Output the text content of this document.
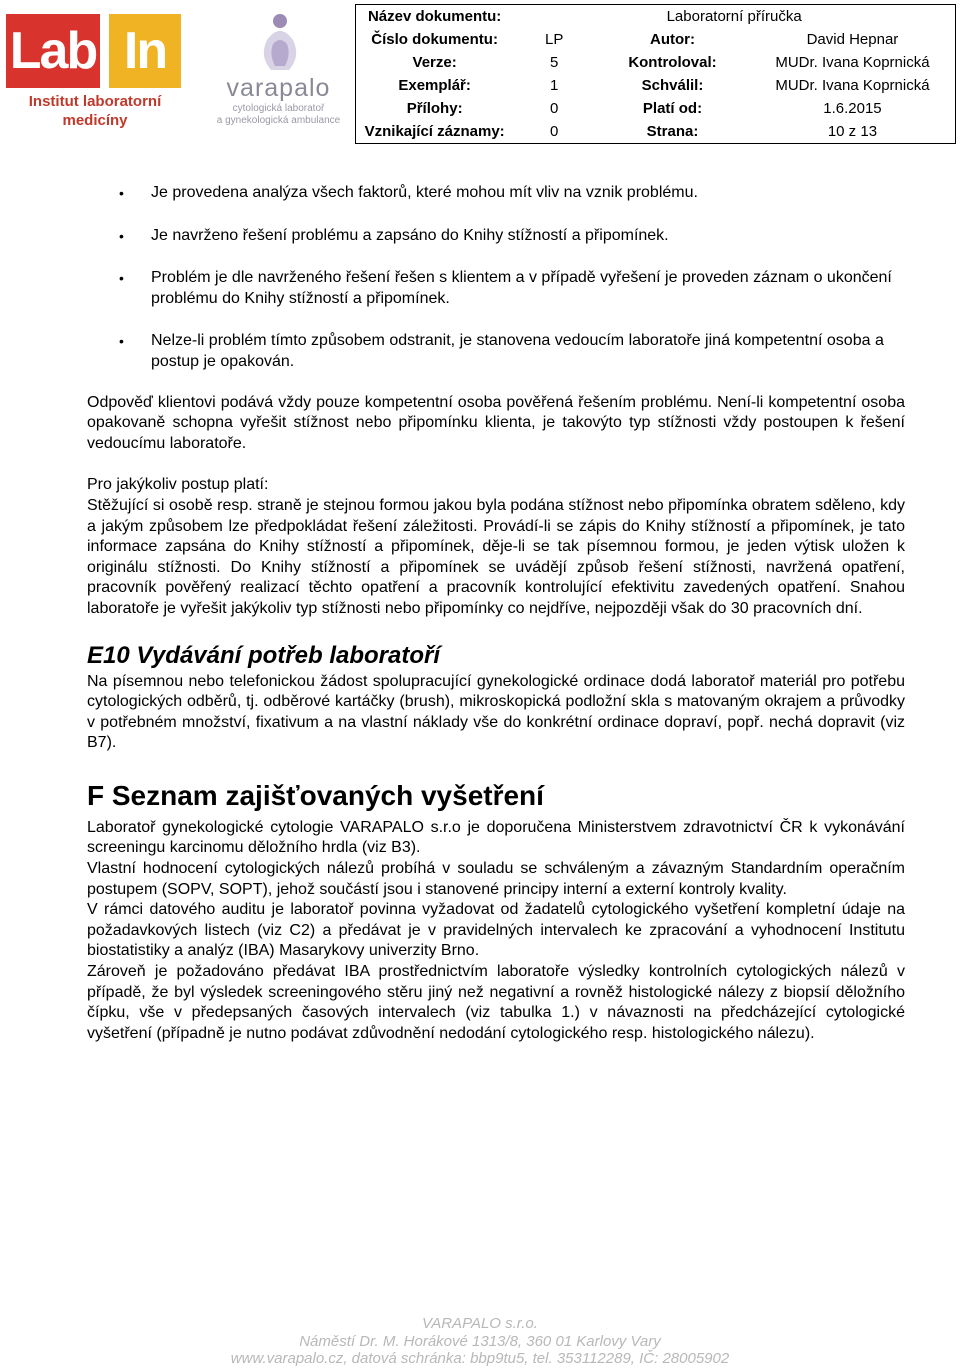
Lab In
Institut laboratorní
medicíny
varapalo
cytologická laboratoř
a gynekologická ambulance
Název dokumentu:	Laboratorní příručka		
Číslo dokumentu:	LP	Autor:	David Hepnar
Verze:	5	Kontroloval:	MUDr. Ivana Koprnická
Exemplář:	1	Schválil:	MUDr. Ivana Koprnická
Přílohy:	0	Platí od:	1.6.2015
Vznikající záznamy:	0	Strana:	10 z 13
• Je provedena analýza všech faktorů, které mohou mít vliv na vznik problému.
• Je navrženo řešení problému a zapsáno do Knihy stížností a připomínek.
• Problém je dle navrženého řešení řešen s klientem a v případě vyřešení je proveden záznam o ukončení problému do Knihy stížností a připomínek.
• Nelze-li problém tímto způsobem odstranit, je stanovena vedoucím laboratoře jiná kompetentní osoba a postup je opakován.

Odpověď klientovi podává vždy pouze kompetentní osoba pověřená řešením problému. Není-li kompetentní osoba opakovaně schopna vyřešit stížnost nebo připomínku klienta, je takovýto typ stížnosti vždy postoupen k řešení vedoucímu laboratoře.

Pro jakýkoliv postup platí:

Stěžující si osobě resp. straně je stejnou formou jakou byla podána stížnost nebo připomínka obratem sděleno, kdy a jakým způsobem lze předpokládat řešení záležitosti. Provádí-li se zápis do Knihy stížností a připomínek, je tato informace zapsána do Knihy stížností a připomínek, děje-li se tak písemnou formou, je jeden výtisk uložen k originálu stížnosti. Do Knihy stížností a připomínek se uvádějí způsob řešení stížnosti, navržená opatření, pracovník pověřený realizací těchto opatření a pracovník kontrolující efektivitu zavedených opatření. Snahou laboratoře je vyřešit jakýkoliv typ stížnosti nebo připomínky co nejdříve, nejpozději však do 30 pracovních dní.

E10 Vydávání potřeb laboratoří

Na písemnou nebo telefonickou žádost spolupracující gynekologické ordinace dodá laboratoř materiál pro potřebu cytologických odběrů, tj. odběrové kartáčky (brush), mikroskopická podložní skla s matovaným okrajem a průvodky v potřebném množství, fixativum a na vlastní náklady vše do konkrétní ordinace dopraví, popř. nechá dopravit (viz B7).

F Seznam zajišťovaných vyšetření

Laboratoř gynekologické cytologie VARAPALO s.r.o je doporučena Ministerstvem zdravotnictví ČR k vykonávání screeningu karcinomu děložního hrdla (viz B3).

Vlastní hodnocení cytologických nálezů probíhá v souladu se schváleným a závazným Standardním operačním postupem (SOPV, SOPT), jehož součástí jsou i stanovené principy interní a externí kontroly kvality.

V rámci datového auditu je laboratoř povinna vyžadovat od žadatelů cytologického vyšetření kompletní údaje na požadavkových listech (viz C2) a předávat je v pravidelných intervalech ke zpracování a vyhodnocení Institutu biostatistiky a analýz (IBA) Masarykovy univerzity Brno.

Zároveň je požadováno předávat IBA prostřednictvím laboratoře výsledky kontrolních cytologických nálezů v případě, že byl výsledek screeningového stěru jiný než negativní a rovněž histologické nálezy z biopsií děložního čípku, vše v předepsaných časových intervalech (viz tabulka 1.) v návaznosti na předcházející cytologické vyšetření (případně je nutno podávat zdůvodnění nedodání cytologického resp. histologického nálezu).

VARAPALO s.r.o.
Náměstí Dr. M. Horákové 1313/8, 360 01 Karlovy Vary
www.varapalo.cz, datová schránka: bbp9tu5, tel. 353112289, IČ: 28005902
